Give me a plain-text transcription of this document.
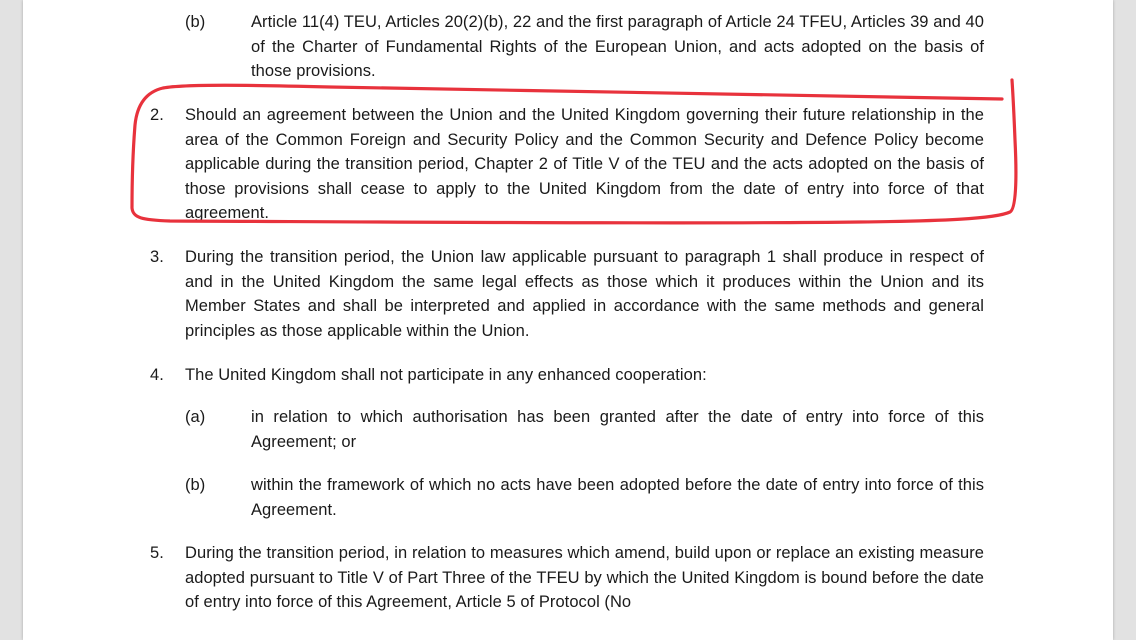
(b)	Article 11(4) TEU, Articles 20(2)(b), 22 and the first paragraph of Article 24 TFEU, Articles 39 and 40 of the Charter of Fundamental Rights of the European Union, and acts adopted on the basis of those provisions.
2.	Should an agreement between the Union and the United Kingdom governing their future relationship in the area of the Common Foreign and Security Policy and the Common Security and Defence Policy become applicable during the transition period, Chapter 2 of Title V of the TEU and the acts adopted on the basis of those provisions shall cease to apply to the United Kingdom from the date of entry into force of that agreement.
3.	During the transition period, the Union law applicable pursuant to paragraph 1 shall produce in respect of and in the United Kingdom the same legal effects as those which it produces within the Union and its Member States and shall be interpreted and applied in accordance with the same methods and general principles as those applicable within the Union.
4.	The United Kingdom shall not participate in any enhanced cooperation:
(a)	in relation to which authorisation has been granted after the date of entry into force of this Agreement; or
(b)	within the framework of which no acts have been adopted before the date of entry into force of this Agreement.
5.	During the transition period, in relation to measures which amend, build upon or replace an existing measure adopted pursuant to Title V of Part Three of the TFEU by which the United Kingdom is bound before the date of entry into force of this Agreement, Article 5 of Protocol (No
